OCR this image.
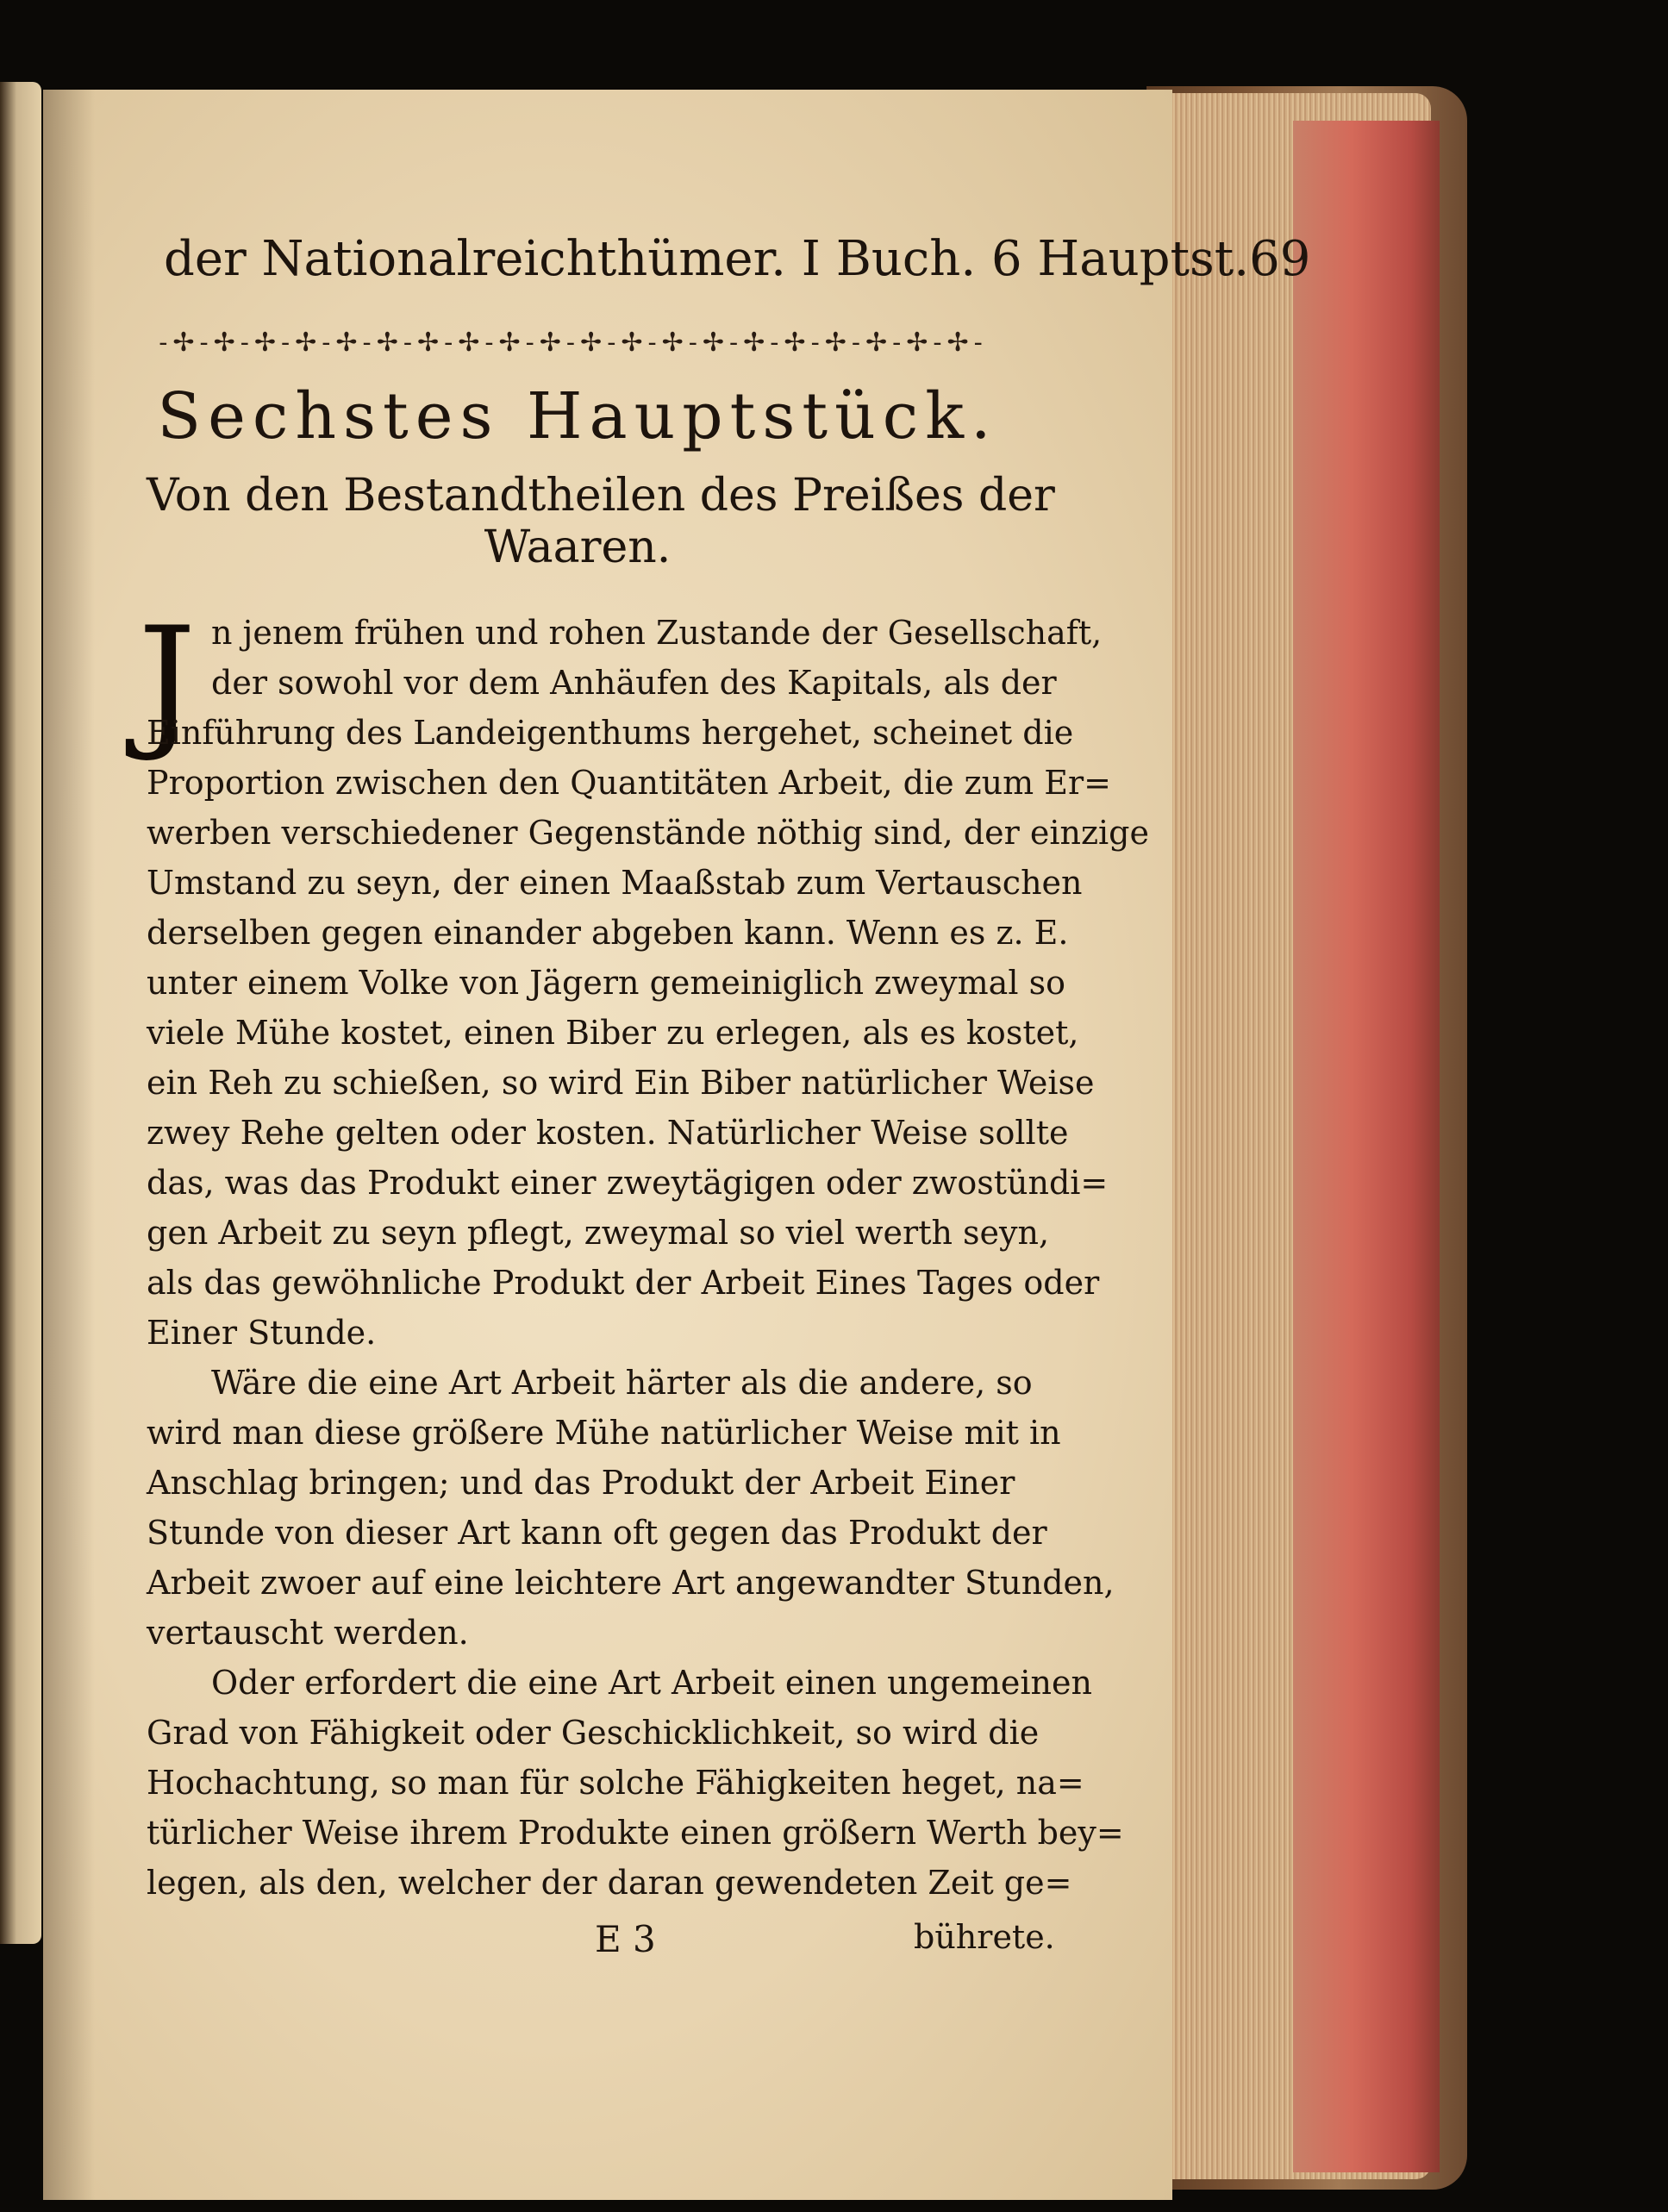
der Nationalreichthümer. I Buch. 6 Hauptst. 69
-✢-✢-✢-✢-✢-✢-✢-✢-✢-✢-✢-✢-✢-✢-✢-✢-✢-✢-✢-✢-
Sechstes Hauptstück.
Von den Bestandtheilen des Preißes der
Waaren.
J n jenem frühen und rohen Zustande der Gesellschaft,
der sowohl vor dem Anhäufen des Kapitals, als der
Einführung des Landeigenthums hergehet, scheinet die
Proportion zwischen den Quantitäten Arbeit, die zum Er=
werben verschiedener Gegenstände nöthig sind, der einzige
Umstand zu seyn, der einen Maaßstab zum Vertauschen
derselben gegen einander abgeben kann. Wenn es z. E.
unter einem Volke von Jägern gemeiniglich zweymal so
viele Mühe kostet, einen Biber zu erlegen, als es kostet,
ein Reh zu schießen, so wird Ein Biber natürlicher Weise
zwey Rehe gelten oder kosten. Natürlicher Weise sollte
das, was das Produkt einer zweytägigen oder zwostündi=
gen Arbeit zu seyn pflegt, zweymal so viel werth seyn,
als das gewöhnliche Produkt der Arbeit Eines Tages oder
Einer Stunde.
Wäre die eine Art Arbeit härter als die andere, so
wird man diese größere Mühe natürlicher Weise mit in
Anschlag bringen; und das Produkt der Arbeit Einer
Stunde von dieser Art kann oft gegen das Produkt der
Arbeit zwoer auf eine leichtere Art angewandter Stunden,
vertauscht werden.
Oder erfordert die eine Art Arbeit einen ungemeinen
Grad von Fähigkeit oder Geschicklichkeit, so wird die
Hochachtung, so man für solche Fähigkeiten heget, na=
türlicher Weise ihrem Produkte einen größern Werth bey=
legen, als den, welcher der daran gewendeten Zeit ge=
E 3	bührete.
